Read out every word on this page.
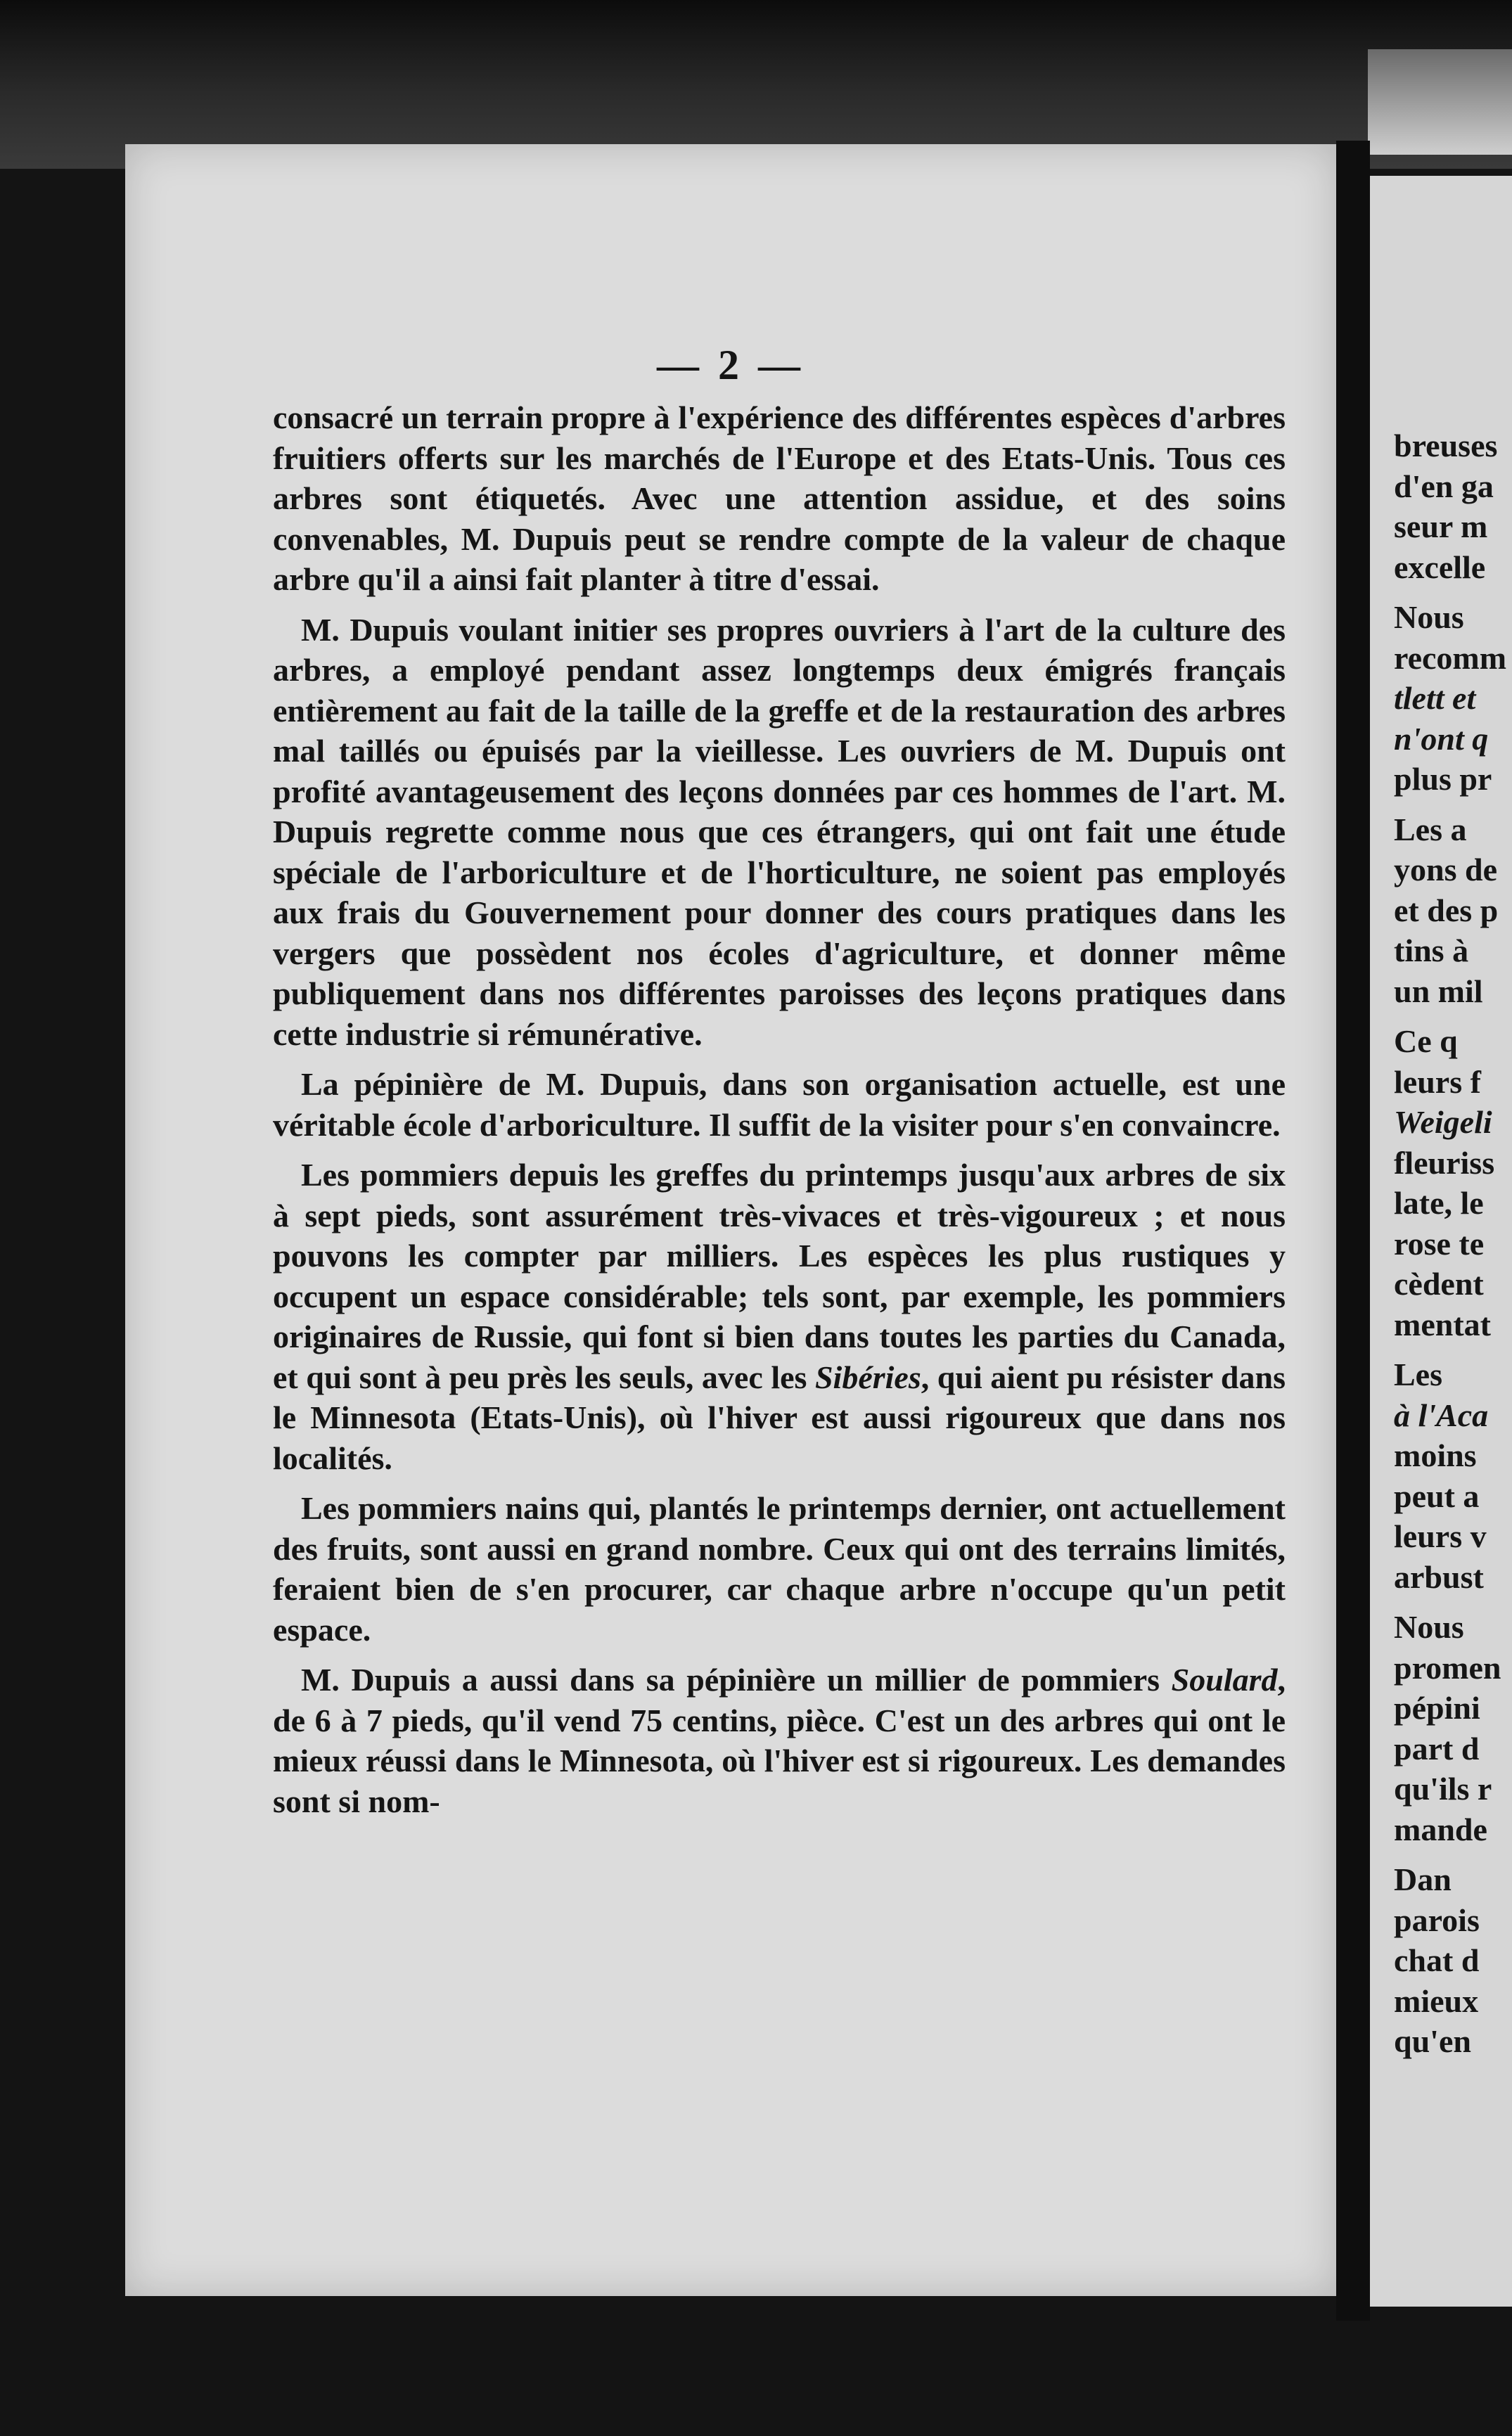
— 2 —

consacré un terrain propre à l'expérience des différentes espèces d'arbres fruitiers offerts sur les marchés de l'Europe et des Etats-Unis. Tous ces arbres sont étiquetés. Avec une attention assidue, et des soins convenables, M. Dupuis peut se rendre compte de la valeur de chaque arbre qu'il a ainsi fait planter à titre d'essai.

M. Dupuis voulant initier ses propres ouvriers à l'art de la culture des arbres, a employé pendant assez longtemps deux émigrés français entièrement au fait de la taille de la greffe et de la restauration des arbres mal taillés ou épuisés par la vieillesse. Les ouvriers de M. Dupuis ont profité avantageusement des leçons données par ces hommes de l'art. M. Dupuis regrette comme nous que ces étrangers, qui ont fait une étude spéciale de l'arboriculture et de l'horticulture, ne soient pas employés aux frais du Gouvernement pour donner des cours pratiques dans les vergers que possèdent nos écoles d'agriculture, et donner même publiquement dans nos différentes paroisses des leçons pratiques dans cette industrie si rémunérative.

La pépinière de M. Dupuis, dans son organisation actuelle, est une véritable école d'arboriculture. Il suffit de la visiter pour s'en convaincre.

Les pommiers depuis les greffes du printemps jusqu'aux arbres de six à sept pieds, sont assurément très-vivaces et très-vigoureux ; et nous pouvons les compter par milliers. Les espèces les plus rustiques y occupent un espace considérable; tels sont, par exemple, les pommiers originaires de Russie, qui font si bien dans toutes les parties du Canada, et qui sont à peu près les seuls, avec les Sibéries, qui aient pu résister dans le Minnesota (Etats-Unis), où l'hiver est aussi rigoureux que dans nos localités.

Les pommiers nains qui, plantés le printemps dernier, ont actuellement des fruits, sont aussi en grand nombre. Ceux qui ont des terrains limités, feraient bien de s'en procurer, car chaque arbre n'occupe qu'un petit espace.

M. Dupuis a aussi dans sa pépinière un millier de pommiers Soulard, de 6 à 7 pieds, qu'il vend 75 centins, pièce. C'est un des arbres qui ont le mieux réussi dans le Minnesota, où l'hiver est si rigoureux. Les demandes sont si nom-

breuses
d'en ga
seur m
excelle
Nous
recomm
tlett et
n'ont q
plus pr
Les a
yons de
et des p
tins à
un mil
Ce q
leurs f
Weigeli
fleuriss
late, le
rose te
cèdent
mentat
Les
à l'Aca
moins
peut a
leurs v
arbust
Nous
promen
pépini
part d
qu'ils r
mande
Dan
parois
chat d
mieux
qu'en
